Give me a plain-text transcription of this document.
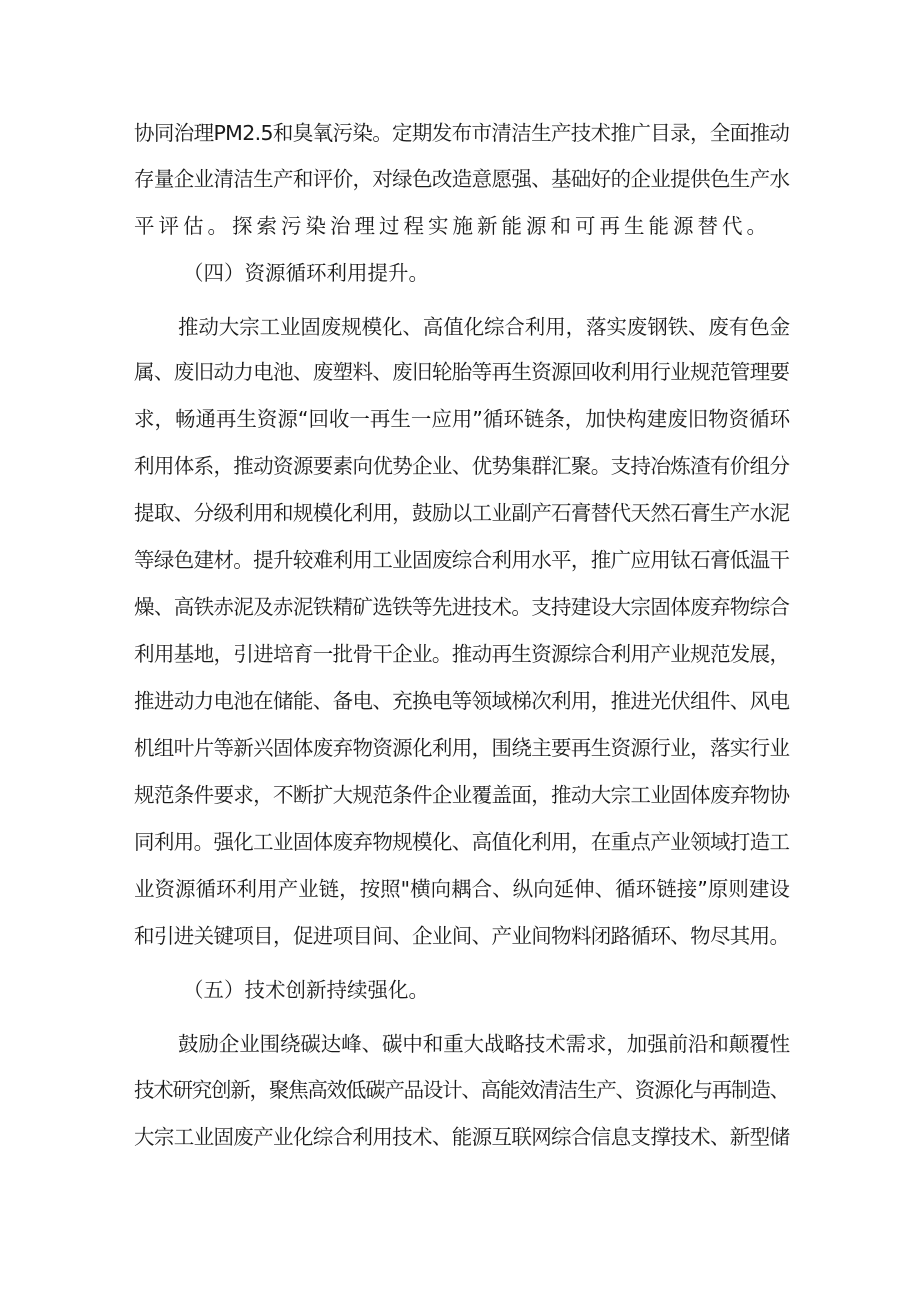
协同治理PM2.5和臭氧污染。定期发布市清洁生产技术推广目录，全面推动

存量企业清洁生产和评价，对绿色改造意愿强、基础好的企业提供色生产水

平评估。探索污染治理过程实施新能源和可再生能源替代。

（四）资源循环利用提升。

推动大宗工业固废规模化、高值化综合利用，落实废钢铁、废有色金

属、废旧动力电池、废塑料、废旧轮胎等再生资源回收利用行业规范管理要

求，畅通再生资源“回收一再生一应用”循环链条，加快构建废旧物资循环

利用体系，推动资源要素向优势企业、优势集群汇聚。支持冶炼渣有价组分

提取、分级利用和规模化利用，鼓励以工业副产石膏替代天然石膏生产水泥

等绿色建材。提升较难利用工业固废综合利用水平，推广应用钛石膏低温干

燥、高铁赤泥及赤泥铁精矿选铁等先进技术。支持建设大宗固体废弃物综合

利用基地，引进培育一批骨干企业。推动再生资源综合利用产业规范发展，

推进动力电池在储能、备电、充换电等领域梯次利用，推进光伏组件、风电

机组叶片等新兴固体废弃物资源化利用，围绕主要再生资源行业，落实行业

规范条件要求，不断扩大规范条件企业覆盖面，推动大宗工业固体废弃物协

同利用。强化工业固体废弃物规模化、高值化利用，在重点产业领域打造工

业资源循环利用产业链，按照"横向耦合、纵向延伸、循环链接”原则建设

和引进关键项目，促进项目间、企业间、产业间物料闭路循环、物尽其用。

（五）技术创新持续强化。

鼓励企业围绕碳达峰、碳中和重大战略技术需求，加强前沿和颠覆性

技术研究创新，聚焦高效低碳产品设计、高能效清洁生产、资源化与再制造、

大宗工业固废产业化综合利用技术、能源互联网综合信息支撑技术、新型储
